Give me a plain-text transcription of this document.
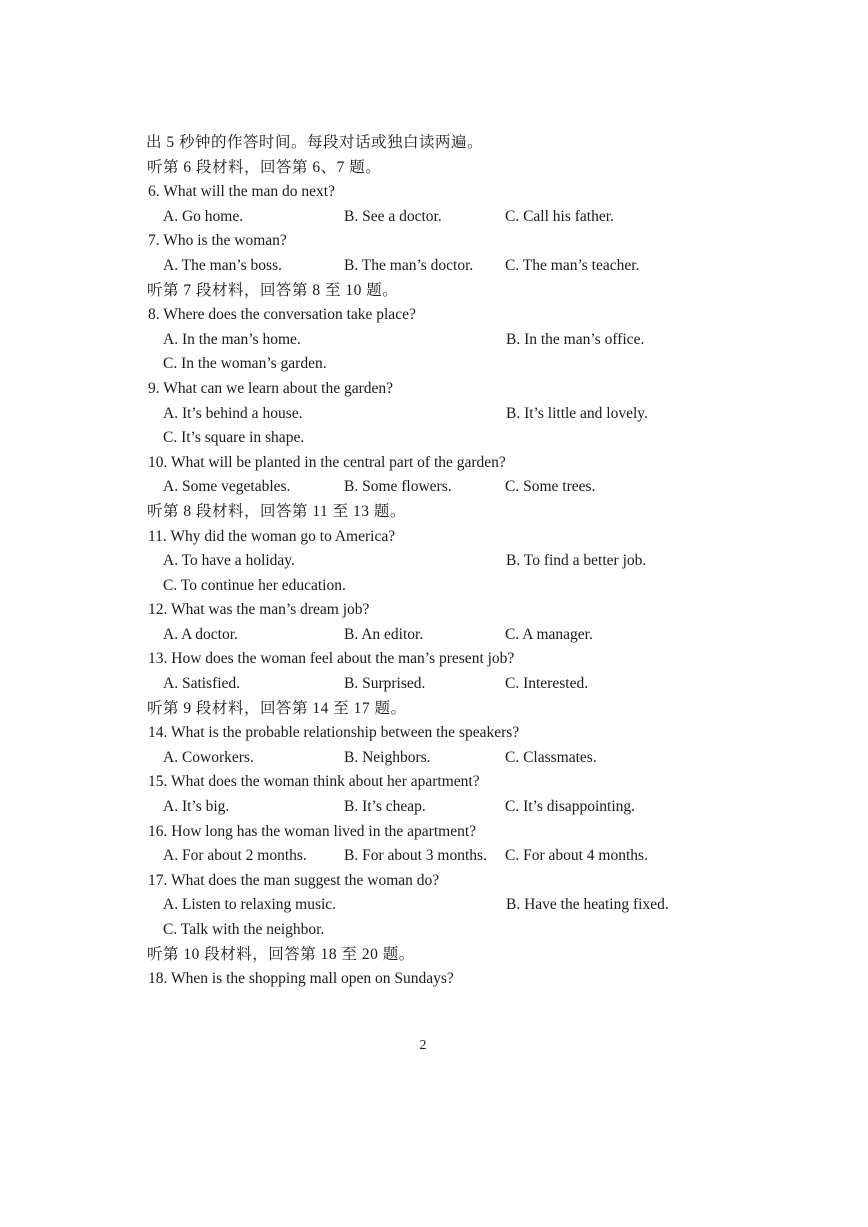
出 5 秒钟的作答时间。每段对话或独白读两遍。
听第 6 段材料，回答第 6、7 题。
6. What will the man do next?
A. Go home.	B. See a doctor.	C. Call his father.
7. Who is the woman?
A. The man’s boss.	B. The man’s doctor. C. The man’s teacher.
听第 7 段材料，回答第 8 至 10 题。
8. Where does the conversation take place?
A. In the man’s home.	B. In the man’s office.
C. In the woman’s garden.
9. What can we learn about the garden?
A. It’s behind a house.	B. It’s little and lovely.
C. It’s square in shape.
10. What will be planted in the central part of the garden?
A. Some vegetables.	B. Some flowers.	C. Some trees.
听第 8 段材料，回答第 11 至 13 题。
11. Why did the woman go to America?
A. To have a holiday.	B. To find a better job.
C. To continue her education.
12. What was the man’s dream job?
A. A doctor.	B. An editor.	C. A manager.
13. How does the woman feel about the man’s present job?
A. Satisfied.	B. Surprised.	C. Interested.
听第 9 段材料，回答第 14 至 17 题。
14. What is the probable relationship between the speakers?
A. Coworkers.	B. Neighbors.	C. Classmates.
15. What does the woman think about her apartment?
A. It’s big.	B. It’s cheap.	C. It’s disappointing.
16. How long has the woman lived in the apartment?
A. For about 2 months. B. For about 3 months. C. For about 4 months.
17. What does the man suggest the woman do?
A. Listen to relaxing music.	B. Have the heating fixed.
C. Talk with the neighbor.
听第 10 段材料，回答第 18 至 20 题。
18. When is the shopping mall open on Sundays?
2
